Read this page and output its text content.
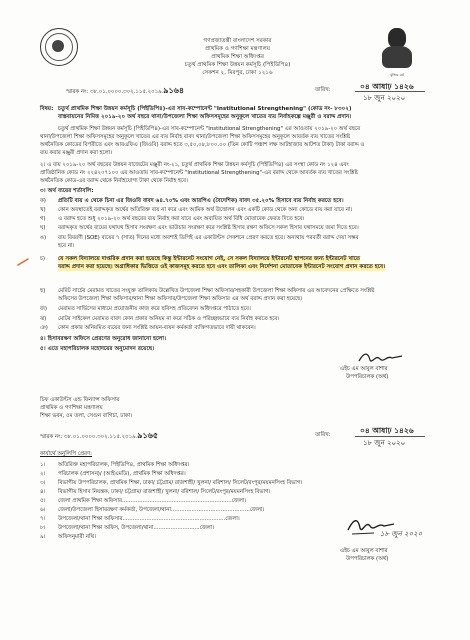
মুজিব বর্ষ
গণপ্রজাতন্ত্রী বাংলাদেশ সরকার
প্রাথমিক ও গণশিক্ষা মন্ত্রণালয়
প্রাথমিক শিক্ষা অধিদপ্তর
চতুর্থ প্রাথমিক শিক্ষা উন্নয়ন কর্মসূচি (পিইডিপি৪)
সেকশন ২, মিরপুর, ঢাকা ১২১৬
স্মারক নং: ৩৮.০১.০০০০.৩০২.১১৫.২০১৯.৯১৬৪	তারিখ:	০৪ আষাঢ় ১৪২৬
১৮ জুন ২০২০
বিষয়: চতুর্থ প্রাথমিক শিক্ষা উন্নয়ন কর্মসূচি (পিইডিপি৪)-এর সাব-কম্পোনেন্ট "Institutional Strengthening" (কোড নং- ৮৩০২)
বাস্তবায়নের নিমিত্ত ২০১৯-২০ অর্থ বছরে থানা/উপজেলা শিক্ষা অফিসসমূহের অনুকূলে খাতের ব্যয় নির্বাহকল্পে মঞ্জুরী ও বরাদ্দ প্রদান।
চতুর্থ প্রাথমিক শিক্ষা উন্নয়ন কর্মসূচি (পিইডিপি৪)-এর সাব-কম্পোনেন্ট "Institutional Strengthening" এর আওতায় ২০১৯-২০ অর্থ বছরে
থানা/উপজেলা শিক্ষা অফিসসমূহের অনুকূলে খাতের এর ব্যয় নির্বাহ বাবদ থানা/উপজেলা শিক্ষা অফিসসমূহের অনুকূলে আবর্তক ব্যয় খাতের সংশ্লিষ্ট
অর্থনৈতিক কোডের বিপরীতে এবং আরএফিএ (জিওবি) বরাদ্দ হতে ৩,৫০,০৮,৮০০.০০ (তিন কোটি পঞ্চাশ লক্ষ আটহাজার আটশত টাকা) টাকা বরাদ্দ ও
ব্যয় করার মঞ্জুরী প্রদান করা হলো।
২। এ ব্যয় ২০১৯-২০ অর্থ বছরের উন্নয়ন বাজেটের মঞ্জুরী নং-২১, চতুর্থ প্রাথমিক শিক্ষা উন্নয়ন কর্মসূচি (পিইডিপি৪) এর সংস্থা কোড নং ১২৪ এবং
প্রাতিষ্ঠানিক কোড নং ২২৪২০৭১০০ এর আওতায় সাব-কম্পোনেন্ট "Institutional Strengthening"-এর বরাদ্দ থেকে আবর্তক ব্যয় খাতের সংশ্লিষ্ট
অর্থনৈতিক কোড-এর বরাদ্দ থেকে নির্বাহযোগ্য টাকা থেকে নির্বাহ হবে।
৩। অর্থ ব্যয়ের শর্তাবলি:
ক) প্রতিটি ব্যয় এ থেকে চিনা এর জিওবি বাবদ ৬৪.৭০% এবং আরপিএ (বৈদেশিক) বাবদ ৩৫.২০% হিসাবে ব্যয় নির্বাহ করতে হবে।
খ) কোন অবস্থাতেই বরাদ্দকৃত অর্থের অতিরিক্ত ব্যয় না করে এবং আমিক অর্থ উত্তোলন এবং একটি কোড থেকে অন্য কোডে ব্যয় করা যাবে না।
গ) এ বরাদ্দ হতে শুধু ২০১৯-২০ অর্থ বছরের ব্যয় নির্বাহ করা যাবে এবং অব্যয়িত অর্থ বিধি মোতাবেক ফেরত দিতে হবে।
ঘ) বরাদ্দকৃত অর্থের ব্যয়ের যথাযথ হিসাব সংরক্ষণ এবং ভাউচার সংরক্ষণ করে সংশ্লিষ্ট হিসাব রক্ষণ অফিসে সকল হিসাব যথাসময়ে জমা দিতে হবে।
ঙ) ব্যয় বিবরণী (SOE) ব্যয়ের ৭ (সাত) দিনের মধ্যে অবশ্যই ডিপিই এর একাউন্টস সেকশনে প্রেরণ করতে হবে। অন্যথায় পরবর্তী বরাদ্দ দেয়া সম্ভব
হবে না।
চ) যে সকল বিদ্যালয়ে দাপ্তরিক প্রদান করা হয়েছে কিন্তু ইন্টারনেট সংযোগ নেই, সে সকল বিদ্যালয়ে ইন্টারনেট স্থাপনের জন্য ইন্টারনেট খাতে
বরাদ্দ প্রদান করা হয়েছে। অগ্রাধিকার ভিত্তিতে ওই কাজসমূহ করতে হবে এবং তালিকা এবং নির্দেশনা মোতাবেক ইন্টারনেট সংযোগ প্রদান করতে হবে।
ছ) মেরিট সার্চের মেরামত খাতের সংযুক্ত তালিকায় উল্লেখিত উপজেলা শিক্ষা অফিসার/সহকারী উপজেলা শিক্ষা অফিসার এর আবেদনের প্রেক্ষিতে সংশ্লিষ্ট
অফিসের উপজেলা শিক্ষা অফিসার/থানা শিক্ষা অফিসার/উপজেলা শিক্ষা অফিসার এর অর্থ বরাদ্দ প্রদান করা হয়েছে।
জ) মেরামত সার্ভিসের মাধ্যমে প্রয়োজনীয় কাজ করে ছবিসহ প্রতিবেদন অধিদপ্তরে পাঠাতে হবে।
ঝ) মোটর সাইকেল মেরামত বাবদ কোন প্রকার অনিয়ম না করে সঠিক ও পরিচ্ছন্নভাবে ব্যয় নির্বাহ করতে হবে।
ঞ) কোন প্রকার অনিয়মিত ব্যয়ের জন্য সংশ্লিষ্ট আয়ন-ব্যয়ন কর্মকর্তা ব্যক্তিগতভাবে দায়ী থাকবেন।
৪। হিসাবরক্ষণ অফিসে প্রেরণের অনুরোধ জানানো হলো।
৫। এতে মহাপরিচালক মহোদয়ের অনুমোদন রয়েছে।
এইচ এম আবুল বাশার
উপপরিচালক (অর্থ)
চিফ একাউন্টস এন্ড ফিন্যান্স অফিসার
প্রাথমিক ও গণশিক্ষা মন্ত্রণালয়
শিক্ষা ভবন, ৫ম তলা, সেগুন বাগিচা, ঢাকা।
স্মারক নং: ৩৮.০১.০০০০.৩০২.১১৫.২০১৯.৯১৬৫	তারিখ:	০৪ আষাঢ় ১৪২৬
১৮ জুন ২০২০
কার্যার্থে অনুলিপি প্রেরণ:
১। অতিরিক্ত মহাপরিচালক, পিইডিপি৪, প্রাথমিক শিক্ষা অধিদপ্তর।
২। পরিচালক (প্রশাসন)/ (আইএমডি), প্রাথমিক শিক্ষা অধিদপ্তর।
৩। বিভাগীয় উপপরিচালক, প্রাথমিক শিক্ষা, ঢাকা/ চট্টগ্রাম/ রাজশাহী/ খুলনা/ বরিশাল/ সিলেট/রংপুর/ময়মনসিংহ বিভাগ।
৪। বিভাগীয় হিসাব নিয়ন্ত্রক, ঢাকা/ চট্টগ্রাম/ রাজশাহী/ খুলনা/ বরিশাল/ সিলেট/রংপুর/ময়মনসিংহ বিভাগ।
৫। জেলা প্রাথমিক শিক্ষা অফিসার................................................................জেলা।
৬। জেলা/উপজেলা হিসাবরক্ষণ কর্মকর্তা, উপজেলা/থানা..............................................জেলা।
৭। উপজেলা/থানা শিক্ষা অফিসার............................................................জেলা।
৮। উপজেলা/থানা শিক্ষা অফিস, উপজেলা/থানা...........................জেলা।
৯। অফিসনুমারী নথি।	১৮ জুন ২০২০
এইচ এম আবুল বাশার
উপপরিচালক (অর্থ)
